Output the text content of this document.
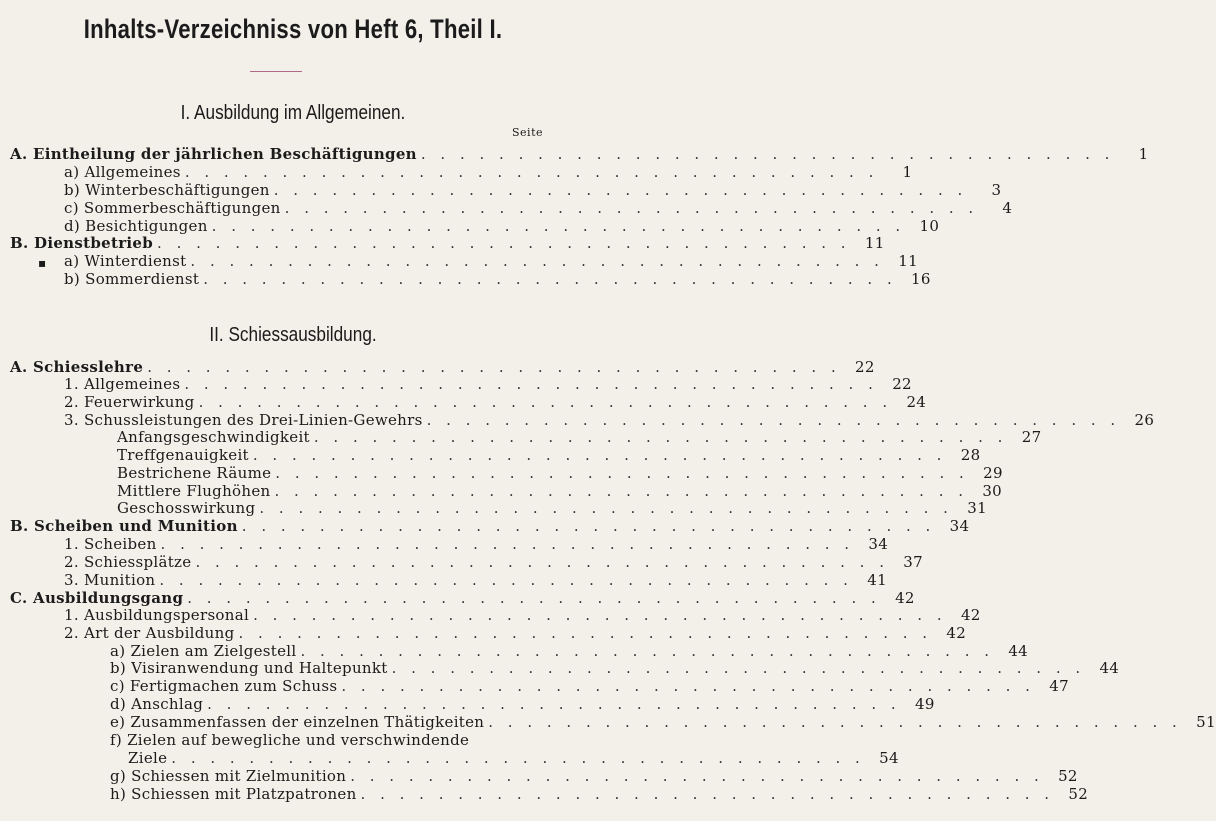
Inhalts-Verzeichniss von Heft 6, Theil I.
I. Ausbildung im Allgemeinen.
Seite
II. Schiessausbildung.
▪
A. Eintheilung der jährlichen Beschäftigungen . . . . . . . . . . . . . . . . . . . . . . . . . . . . . . . . . . . .	1
a) Allgemeines . . . . . . . . . . . . . . . . . . . . . . . . . . . . . . . . . . . .	1
b) Winterbeschäftigungen . . . . . . . . . . . . . . . . . . . . . . . . . . . . . . . . . . . .	3
c) Sommerbeschäftigungen . . . . . . . . . . . . . . . . . . . . . . . . . . . . . . . . . . . .	4
d) Besichtigungen . . . . . . . . . . . . . . . . . . . . . . . . . . . . . . . . . . . . 10
B. Dienstbetrieb . . . . . . . . . . . . . . . . . . . . . . . . . . . . . . . . . . . . 11
a) Winterdienst . . . . . . . . . . . . . . . . . . . . . . . . . . . . . . . . . . . . 11
b) Sommerdienst . . . . . . . . . . . . . . . . . . . . . . . . . . . . . . . . . . . . 16
A. Schiesslehre . . . . . . . . . . . . . . . . . . . . . . . . . . . . . . . . . . . . 22
1. Allgemeines . . . . . . . . . . . . . . . . . . . . . . . . . . . . . . . . . . . . 22
2. Feuerwirkung . . . . . . . . . . . . . . . . . . . . . . . . . . . . . . . . . . . . 24
3. Schussleistungen des Drei-Linien-Gewehrs . . . . . . . . . . . . . . . . . . . . . . . . . . . . . . . . . . . . 26
Anfangsgeschwindigkeit . . . . . . . . . . . . . . . . . . . . . . . . . . . . . . . . . . . . 27
Treffgenauigkeit . . . . . . . . . . . . . . . . . . . . . . . . . . . . . . . . . . . . 28
Bestrichene Räume . . . . . . . . . . . . . . . . . . . . . . . . . . . . . . . . . . . . 29
Mittlere Flughöhen . . . . . . . . . . . . . . . . . . . . . . . . . . . . . . . . . . . . 30
Geschosswirkung . . . . . . . . . . . . . . . . . . . . . . . . . . . . . . . . . . . . 31
B. Scheiben und Munition . . . . . . . . . . . . . . . . . . . . . . . . . . . . . . . . . . . . 34
1. Scheiben . . . . . . . . . . . . . . . . . . . . . . . . . . . . . . . . . . . . 34
2. Schiessplätze . . . . . . . . . . . . . . . . . . . . . . . . . . . . . . . . . . . . 37
3. Munition . . . . . . . . . . . . . . . . . . . . . . . . . . . . . . . . . . . . 41
C. Ausbildungsgang . . . . . . . . . . . . . . . . . . . . . . . . . . . . . . . . . . . . 42
1. Ausbildungspersonal . . . . . . . . . . . . . . . . . . . . . . . . . . . . . . . . . . . . 42
2. Art der Ausbildung . . . . . . . . . . . . . . . . . . . . . . . . . . . . . . . . . . . . 42
a) Zielen am Zielgestell . . . . . . . . . . . . . . . . . . . . . . . . . . . . . . . . . . . . 44
b) Visiranwendung und Haltepunkt . . . . . . . . . . . . . . . . . . . . . . . . . . . . . . . . . . . . 44
c) Fertigmachen zum Schuss . . . . . . . . . . . . . . . . . . . . . . . . . . . . . . . . . . . . 47
d) Anschlag . . . . . . . . . . . . . . . . . . . . . . . . . . . . . . . . . . . . 49
e) Zusammenfassen der einzelnen Thätigkeiten . . . . . . . . . . . . . . . . . . . . . . . . . . . . . . . . . . . . 51
f) Zielen auf bewegliche und verschwindende
Ziele . . . . . . . . . . . . . . . . . . . . . . . . . . . . . . . . . . . . 54
g) Schiessen mit Zielmunition . . . . . . . . . . . . . . . . . . . . . . . . . . . . . . . . . . . . 52
h) Schiessen mit Platzpatronen . . . . . . . . . . . . . . . . . . . . . . . . . . . . . . . . . . . . 52
